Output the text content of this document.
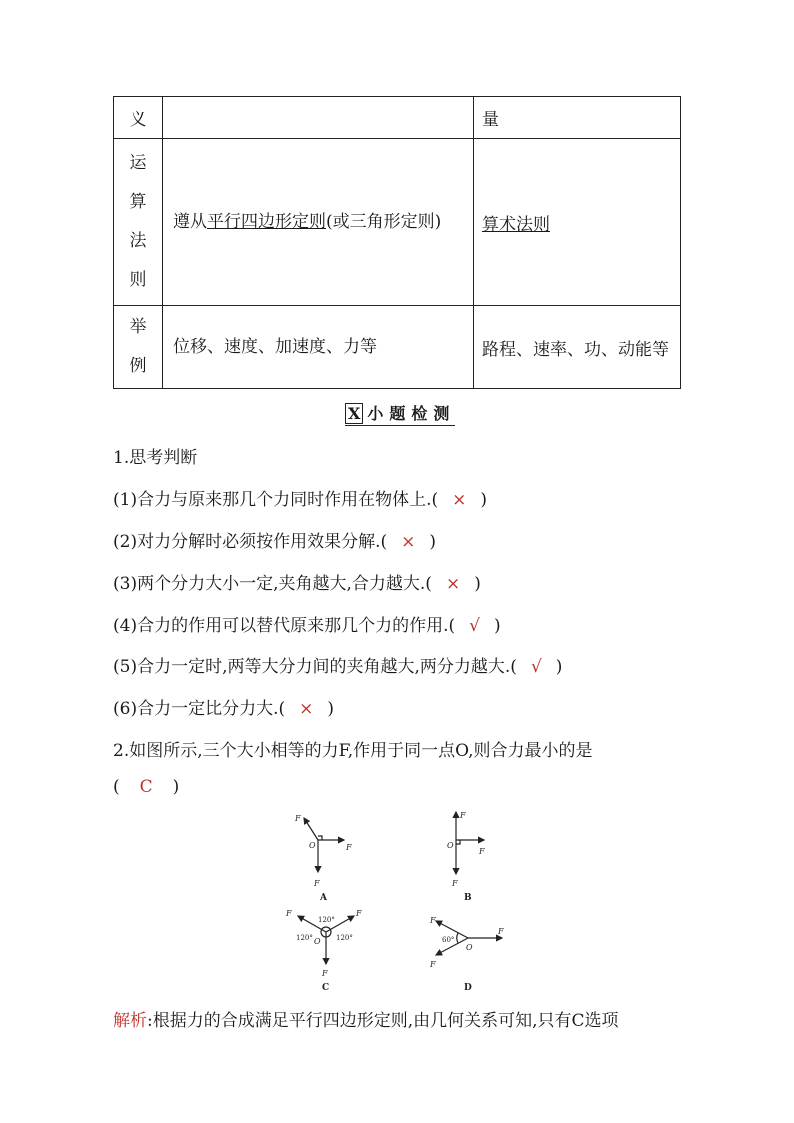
义		量

运
算
法
则	遵从平行四边形定则(或三角形定则)	算术法则

举
例	位移、速度、加速度、力等	路程、速率、功、动能等
X 小题检测
1.思考判断
(1)合力与原来那几个力同时作用在物体上.( × )
(2)对力分解时必须按作用效果分解.( × )
(3)两个分力大小一定,夹角越大,合力越大.( × )
(4)合力的作用可以替代原来那几个力的作用.( √ )
(5)合力一定时,两等大分力间的夹角越大,两分力越大.( √ )
(6)合力一定比分力大.( × )
2.如图所示,三个大小相等的力F,作用于同一点O,则合力最小的是
( C )
F
F
F
O
F
F
F
O
F	F
F
O
F
F
F
O
120°
120°	120°	60°
A	B
C	D
解析:根据力的合成满足平行四边形定则,由几何关系可知,只有C选项
